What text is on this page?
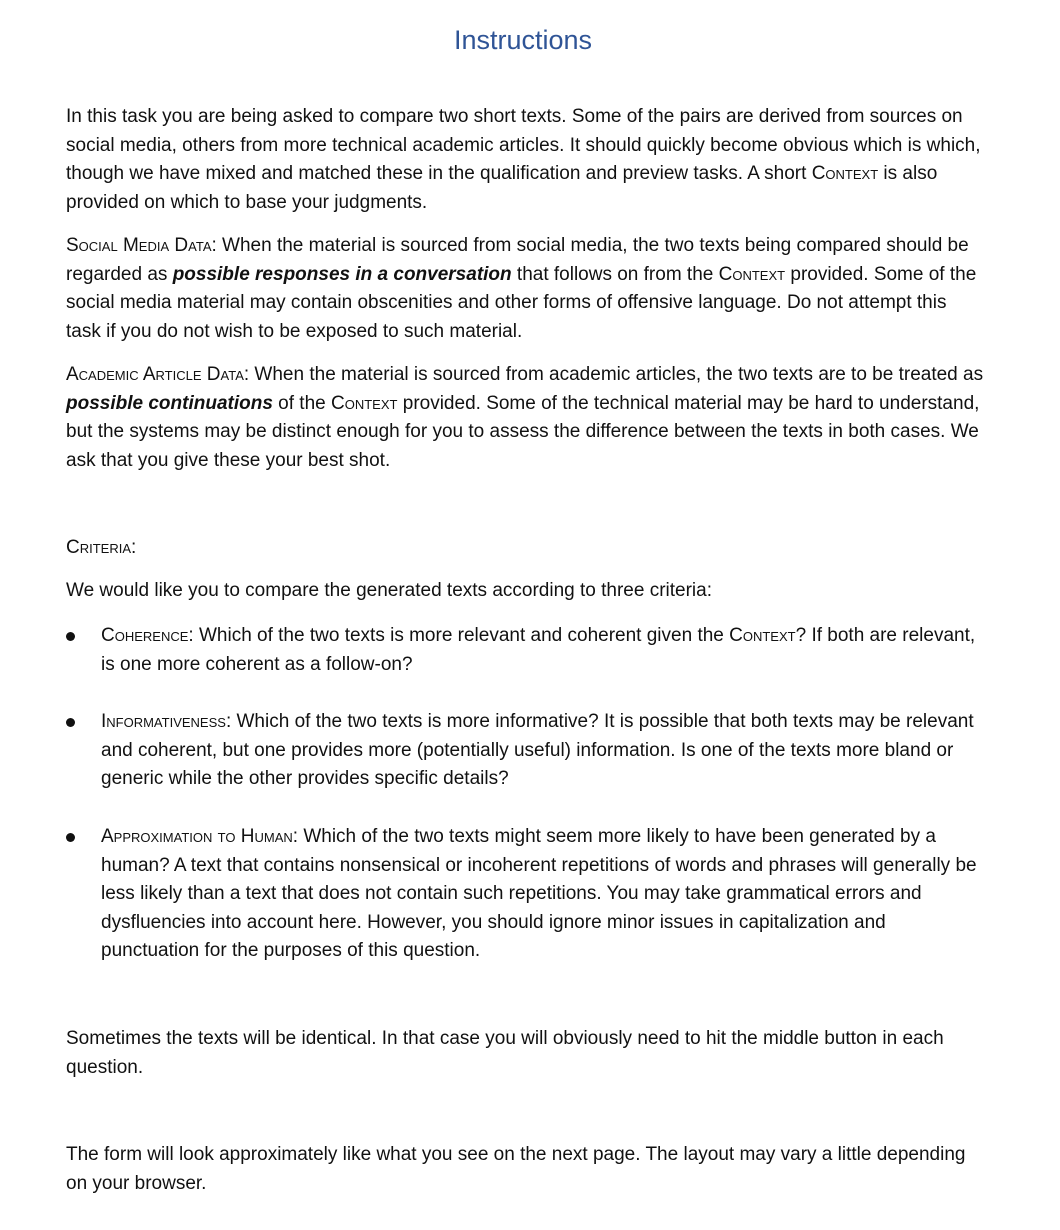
Instructions

In this task you are being asked to compare two short texts. Some of the pairs are derived from sources on social media, others from more technical academic articles. It should quickly become obvious which is which, though we have mixed and matched these in the qualification and preview tasks. A short Context is also provided on which to base your judgments.

Social Media Data: When the material is sourced from social media, the two texts being compared should be regarded as possible responses in a conversation that follows on from the Context provided. Some of the social media material may contain obscenities and other forms of offensive language. Do not attempt this task if you do not wish to be exposed to such material.

Academic Article Data: When the material is sourced from academic articles, the two texts are to be treated as possible continuations of the Context provided. Some of the technical material may be hard to understand, but the systems may be distinct enough for you to assess the difference between the texts in both cases. We ask that you give these your best shot.

Criteria:

We would like you to compare the generated texts according to three criteria:

Coherence: Which of the two texts is more relevant and coherent given the Context? If both are relevant, is one more coherent as a follow-on?
Informativeness: Which of the two texts is more informative? It is possible that both texts may be relevant and coherent, but one provides more (potentially useful) information. Is one of the texts more bland or generic while the other provides specific details?
Approximation to Human: Which of the two texts might seem more likely to have been generated by a human? A text that contains nonsensical or incoherent repetitions of words and phrases will generally be less likely than a text that does not contain such repetitions. You may take grammatical errors and dysfluencies into account here. However, you should ignore minor issues in capitalization and punctuation for the purposes of this question.

Sometimes the texts will be identical. In that case you will obviously need to hit the middle button in each question.

The form will look approximately like what you see on the next page. The layout may vary a little depending on your browser.
